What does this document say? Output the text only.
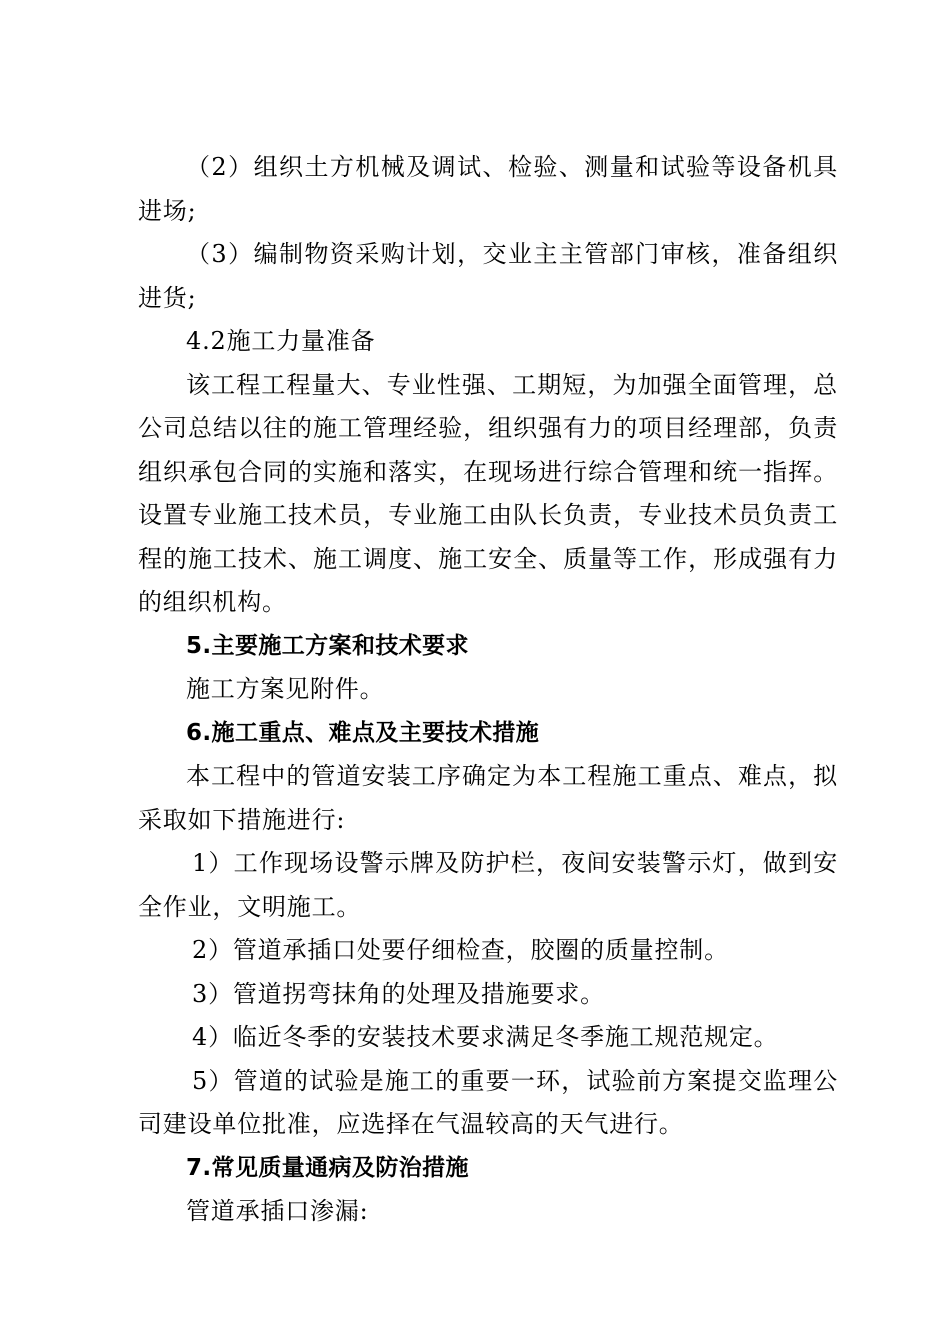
（2）组织土方机械及调试、检验、测量和试验等设备机具进场;

（3）编制物资采购计划，交业主主管部门审核，准备组织进货;

4.2施工力量准备

该工程工程量大、专业性强、工期短，为加强全面管理，总公司总结以往的施工管理经验，组织强有力的项目经理部，负责组织承包合同的实施和落实，在现场进行综合管理和统一指挥。设置专业施工技术员，专业施工由队长负责，专业技术员负责工程的施工技术、施工调度、施工安全、质量等工作，形成强有力的组织机构。

5.主要施工方案和技术要求

施工方案见附件。

6.施工重点、难点及主要技术措施

本工程中的管道安装工序确定为本工程施工重点、难点，拟采取如下措施进行:

1）工作现场设警示牌及防护栏，夜间安装警示灯，做到安全作业，文明施工。

2）管道承插口处要仔细检查，胶圈的质量控制。

3）管道拐弯抹角的处理及措施要求。

4）临近冬季的安装技术要求满足冬季施工规范规定。

5）管道的试验是施工的重要一环，试验前方案提交监理公司建设单位批准，应选择在气温较高的天气进行。

7.常见质量通病及防治措施

管道承插口渗漏:
